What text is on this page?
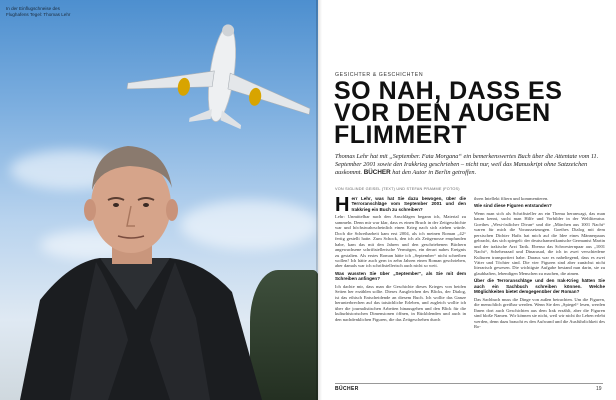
In der Einflugschneise des Flughafens Tegel: Thomas Lehr
GESICHTER & GESCHICHTEN
SO NAH, DASS ES
VOR DEN AUGEN
FLIMMERT
Thomas Lehr hat mit „September. Fata Morgana“ ein bemerkenswertes Buch über die Attentate vom 11. September 2001 sowie den Irakkrieg geschrieben – nicht nur, weil das Manuskript ohne Satzzeichen auskommt. BÜCHER hat den Autor in Berlin getroffen.
VON SIGLINDE GEISEL (TEXT) UND STEFAN PRAMME (FOTOS)

Herr Lehr, was hat Sie dazu bewogen, über die Terroranschläge vom September 2001 und den Irakkrieg ein Buch zu schreiben?

Lehr: Unmittelbar nach den Anschlägen begann ich, Material zu sammeln. Denn mir war klar, dass es einen Bruch in der Zeitgeschichte war und höchstwahrscheinlich einen Krieg nach sich ziehen würde. Doch die Schreibarbeit kam erst 2004, als ich meinen Roman „42“ fertig gestellt hatte. Zum Schock, den ich als Zeitgenosse empfunden habe, kam das mit den Jahren und den geschriebenen Büchern angewachsene schriftstellerische Vermögen, ein derart nahes Ereignis zu gestalten. Als erstes Roman hätte ich „September“ nicht schreiben wollen! Ich hätte auch gern in zehn Jahren einen Roman geschrieben, aber damals war ich schriftstellerisch auch nicht so weit.

Was wussten Sie über „September“, als Sie mit dem Schreiben anfingen?

Ich dachte mir, dass man die Geschichte dieses Krieges von beiden Seiten her erzählen sollte. Dieses Ausgleichen des Blicks, der Dialog, ist das ethisch Entscheidende an diesem Buch. Ich wollte das Ganze herunterbrechen auf das tatsächliche Erleben, und zugleich wollte ich über die journalistischen Arbeiten hinausgehen und den Blick für die kulturhistorischen Dimensionen öffnen, in Rückblenden und auch in den nachdenklichen Figuren, die das Zeitgeschehen durch

ihren Intellekt filtern und kommentieren.

Wie sind diese Figuren entstanden?

Wenn man sich als Schriftsteller an ein Thema heranwagt, das man kaum kennt, sucht man Hilfe und Vorbilder in der Weltliteratur. Goethes „West-östlicher Divan“ und die „Märchen aus 1001 Nacht“ waren für mich die Voraussetzungen. Goethes Dialog mit dem persischen Dichter Hafis hat mich auf die Idee eines Männerpaars gebracht, das sich spiegelt: der deutschamerikanische Germanist Martin und der irakische Arzt Tarik. Ebenso das Schwesternpaar aus „1001 Nacht“, Scheherazad und Dinarasad, die ich in zwei verschiedene Kulturen transportiert habe. Daraus war es naheliegend, dass es zwei Väter und Töchter sind. Die vier Figuren sind aber zunächst nicht literarisch gewesen. Die wichtigste Aufgabe bestand nun darin, sie zu glaubhaften, lebendigen Menschen zu machen, die atmen.

Über die Terroranschläge und den Irak-Krieg hätten Sie auch ein Sachbuch schreiben können. Welche Möglichkeiten bietet demgegenüber der Roman?

Das Sachbuch muss die Dinge von außen betrachten. Um die Figuren, die menschlich greifbar werden. Wenn Sie den „Spiegel“ lesen, werden Ihnen dort auch Geschichten aus dem Irak erzählt, aber die Figuren sind bloße Namen. Wir können sie nicht, weil wir nicht ihr Leben erlebt werden, denn dazu braucht es den Aufwand und die Ausführlichkeit des Ro-

BÜCHER	19
